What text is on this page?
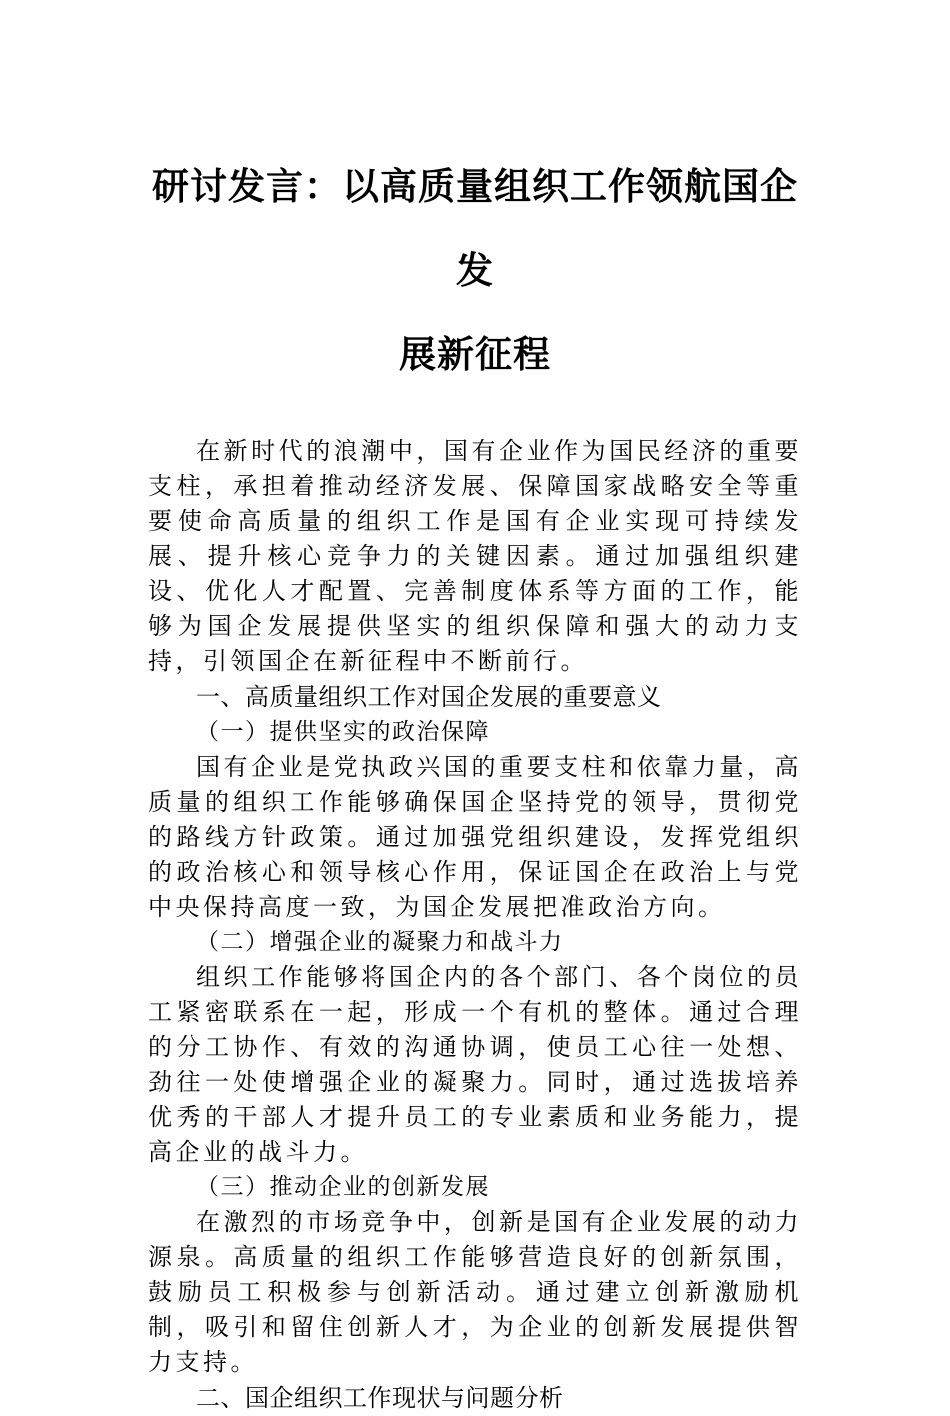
研讨发言：以高质量组织工作领航国企发
展新征程

在新时代的浪潮中，国有企业作为国民经济的重要支柱，承担着推动经济发展、保障国家战略安全等重要使命高质量的组织工作是国有企业实现可持续发展、提升核心竞争力的关键因素。通过加强组织建设、优化人才配置、完善制度体系等方面的工作，能够为国企发展提供坚实的组织保障和强大的动力支持，引领国企在新征程中不断前行。

一、高质量组织工作对国企发展的重要意义

（一）提供坚实的政治保障

国有企业是党执政兴国的重要支柱和依靠力量，高质量的组织工作能够确保国企坚持党的领导，贯彻党的路线方针政策。通过加强党组织建设，发挥党组织的政治核心和领导核心作用，保证国企在政治上与党中央保持高度一致，为国企发展把准政治方向。

（二）增强企业的凝聚力和战斗力

组织工作能够将国企内的各个部门、各个岗位的员工紧密联系在一起，形成一个有机的整体。通过合理的分工协作、有效的沟通协调，使员工心往一处想、劲往一处使增强企业的凝聚力。同时，通过选拔培养优秀的干部人才提升员工的专业素质和业务能力，提高企业的战斗力。

（三）推动企业的创新发展

在激烈的市场竞争中，创新是国有企业发展的动力源泉。高质量的组织工作能够营造良好的创新氛围，鼓励员工积极参与创新活动。通过建立创新激励机制，吸引和留住创新人才，为企业的创新发展提供智力支持。

二、国企组织工作现状与问题分析
